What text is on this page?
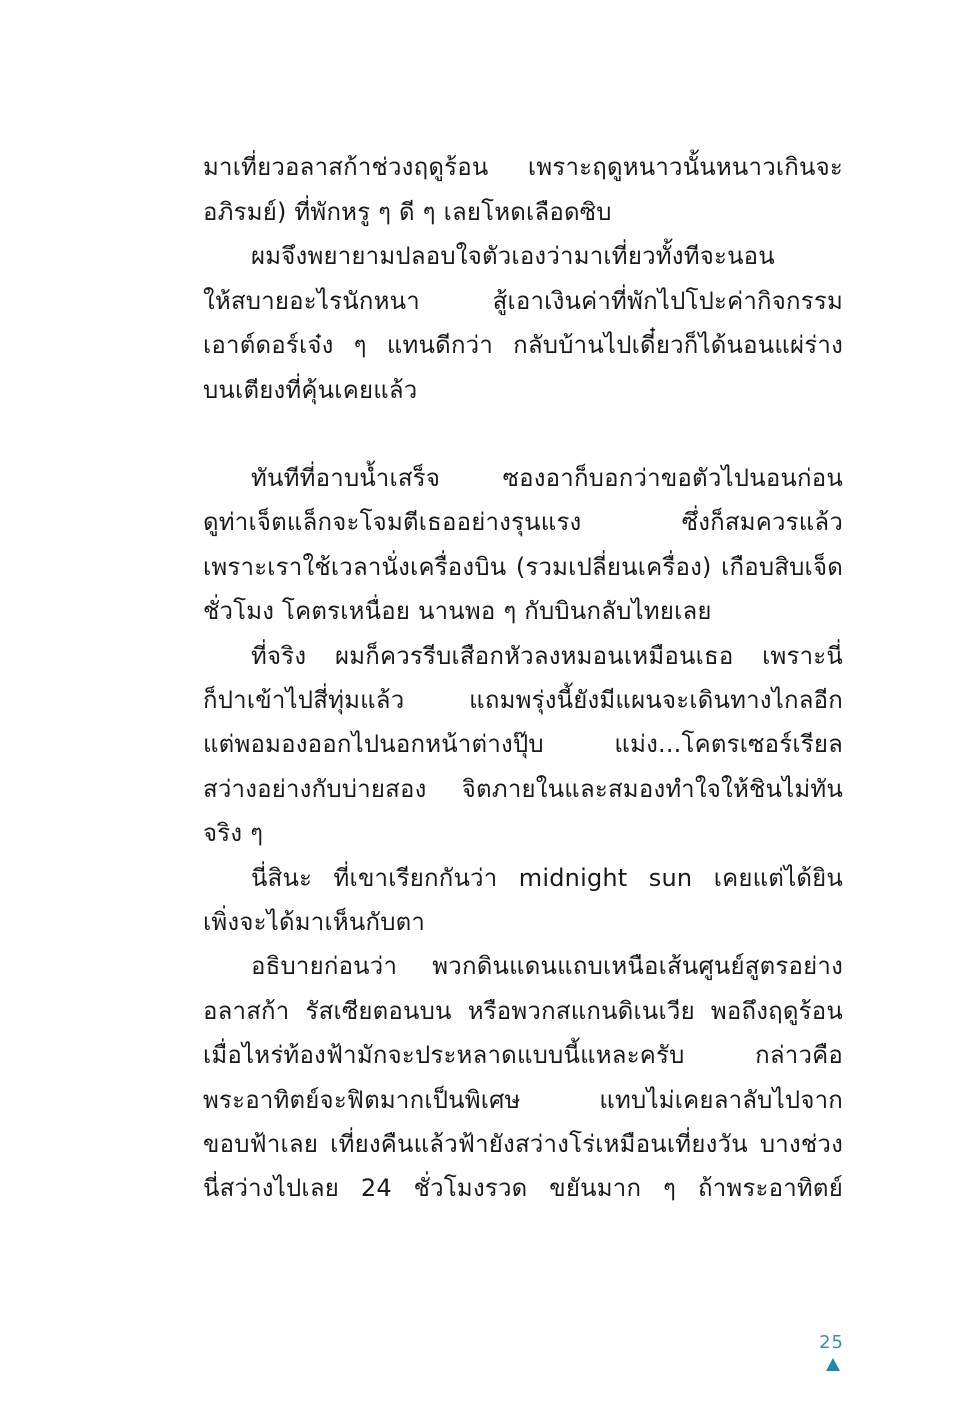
มาเที่ยวอลาสก้าช่วงฤดูร้อน เพราะฤดูหนาวนั้นหนาวเกินจะ
อภิรมย์) ที่พักหรู ๆ ดี ๆ เลยโหดเลือดซิบ
ผมจึงพยายามปลอบใจตัวเองว่ามาเที่ยวทั้งทีจะนอน
ให้สบายอะไรนักหนา สู้เอาเงินค่าที่พักไปโปะค่ากิจกรรม
เอาต์ดอร์เจ๋ง ๆ แทนดีกว่า กลับบ้านไปเดี๋ยวก็ได้นอนแผ่ร่าง
บนเตียงที่คุ้นเคยแล้ว
ทันทีที่อาบน้ำเสร็จ ซองอาก็บอกว่าขอตัวไปนอนก่อน
ดูท่าเจ็ตแล็กจะโจมตีเธออย่างรุนแรง ซึ่งก็สมควรแล้ว
เพราะเราใช้เวลานั่งเครื่องบิน (รวมเปลี่ยนเครื่อง) เกือบสิบเจ็ด
ชั่วโมง โคตรเหนื่อย นานพอ ๆ กับบินกลับไทยเลย
ที่จริง ผมก็ควรรีบเสือกหัวลงหมอนเหมือนเธอ เพราะนี่
ก็ปาเข้าไปสี่ทุ่มแล้ว แถมพรุ่งนี้ยังมีแผนจะเดินทางไกลอีก
แต่พอมองออกไปนอกหน้าต่างปุ๊บ แม่ง...โคตรเซอร์เรียล
สว่างอย่างกับบ่ายสอง จิตภายในและสมองทำใจให้ชินไม่ทัน
จริง ๆ
นี่สินะ ที่เขาเรียกกันว่า midnight sun เคยแต่ได้ยิน
เพิ่งจะได้มาเห็นกับตา
อธิบายก่อนว่า พวกดินแดนแถบเหนือเส้นศูนย์สูตรอย่าง
อลาสก้า รัสเซียตอนบน หรือพวกสแกนดิเนเวีย พอถึงฤดูร้อน
เมื่อไหร่ท้องฟ้ามักจะประหลาดแบบนี้แหละครับ กล่าวคือ
พระอาทิตย์จะฟิตมากเป็นพิเศษ แทบไม่เคยลาลับไปจาก
ขอบฟ้าเลย เที่ยงคืนแล้วฟ้ายังสว่างโร่เหมือนเที่ยงวัน บางช่วง
นี่สว่างไปเลย 24 ชั่วโมงรวด ขยันมาก ๆ ถ้าพระอาทิตย์
25
